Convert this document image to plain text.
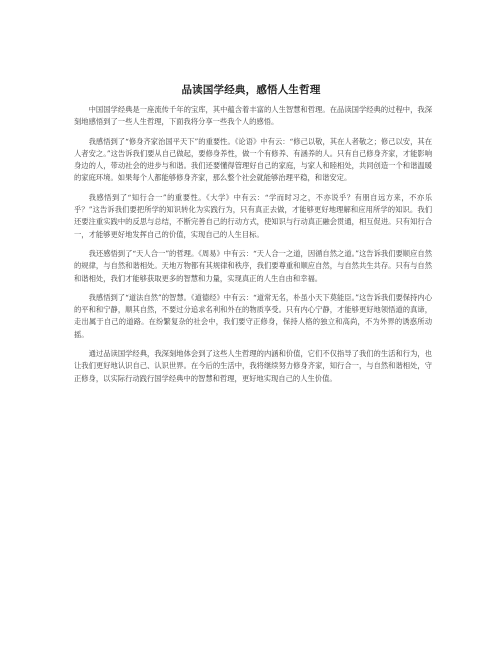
品读国学经典，感悟人生哲理

中国国学经典是一座流传千年的宝库，其中蕴含着丰富的人生智慧和哲理。在品读国学经典的过程中，我深刻地感悟到了一些人生哲理，下面我将分享一些我个人的感悟。

我感悟到了“修身齐家治国平天下”的重要性。《论语》中有云：“修己以敬，其在人者敬之；修己以安，其在人者安之。”这告诉我们要从自己做起，要修身养性，做一个有修养、有涵养的人。只有自己修身齐家，才能影响身边的人，带动社会的进步与和谐。我们还要懂得管理好自己的家庭，与家人和睦相处，共同创造一个和谐温暖的家庭环境。如果每个人都能够修身齐家，那么整个社会就能够治理平稳，和谐安定。

我感悟到了“知行合一”的重要性。《大学》中有云：“学而时习之，不亦说乎？有朋自远方来，不亦乐乎？”这告诉我们要把所学的知识转化为实践行为，只有真正去做，才能够更好地理解和应用所学的知识。我们还要注重实践中的反思与总结，不断完善自己的行动方式，使知识与行动真正融会贯通，相互促进。只有知行合一，才能够更好地发挥自己的价值，实现自己的人生目标。

我还感悟到了“天人合一”的哲理。《周易》中有云：“天人合一之道，因循自然之道。”这告诉我们要顺应自然的规律，与自然和谐相处。天地万物都有其规律和秩序，我们要尊重和顺应自然，与自然共生共存。只有与自然和谐相处，我们才能够获取更多的智慧和力量，实现真正的人生自由和幸福。

我感悟到了“道法自然”的智慧。《道德经》中有云：“道常无名，朴虽小天下莫能臣。”这告诉我们要保持内心的平和和宁静，顺其自然，不要过分追求名利和外在的物质享受。只有内心宁静，才能够更好地领悟道的真谛，走出属于自己的道路。在纷繁复杂的社会中，我们要守正修身，保持人格的独立和高尚，不为外界的诱惑所动摇。

通过品读国学经典，我深刻地体会到了这些人生哲理的内涵和价值，它们不仅指导了我们的生活和行为，也让我们更好地认识自己、认识世界。在今后的生活中，我将继续努力修身齐家，知行合一，与自然和谐相处，守正修身，以实际行动践行国学经典中的智慧和哲理，更好地实现自己的人生价值。
